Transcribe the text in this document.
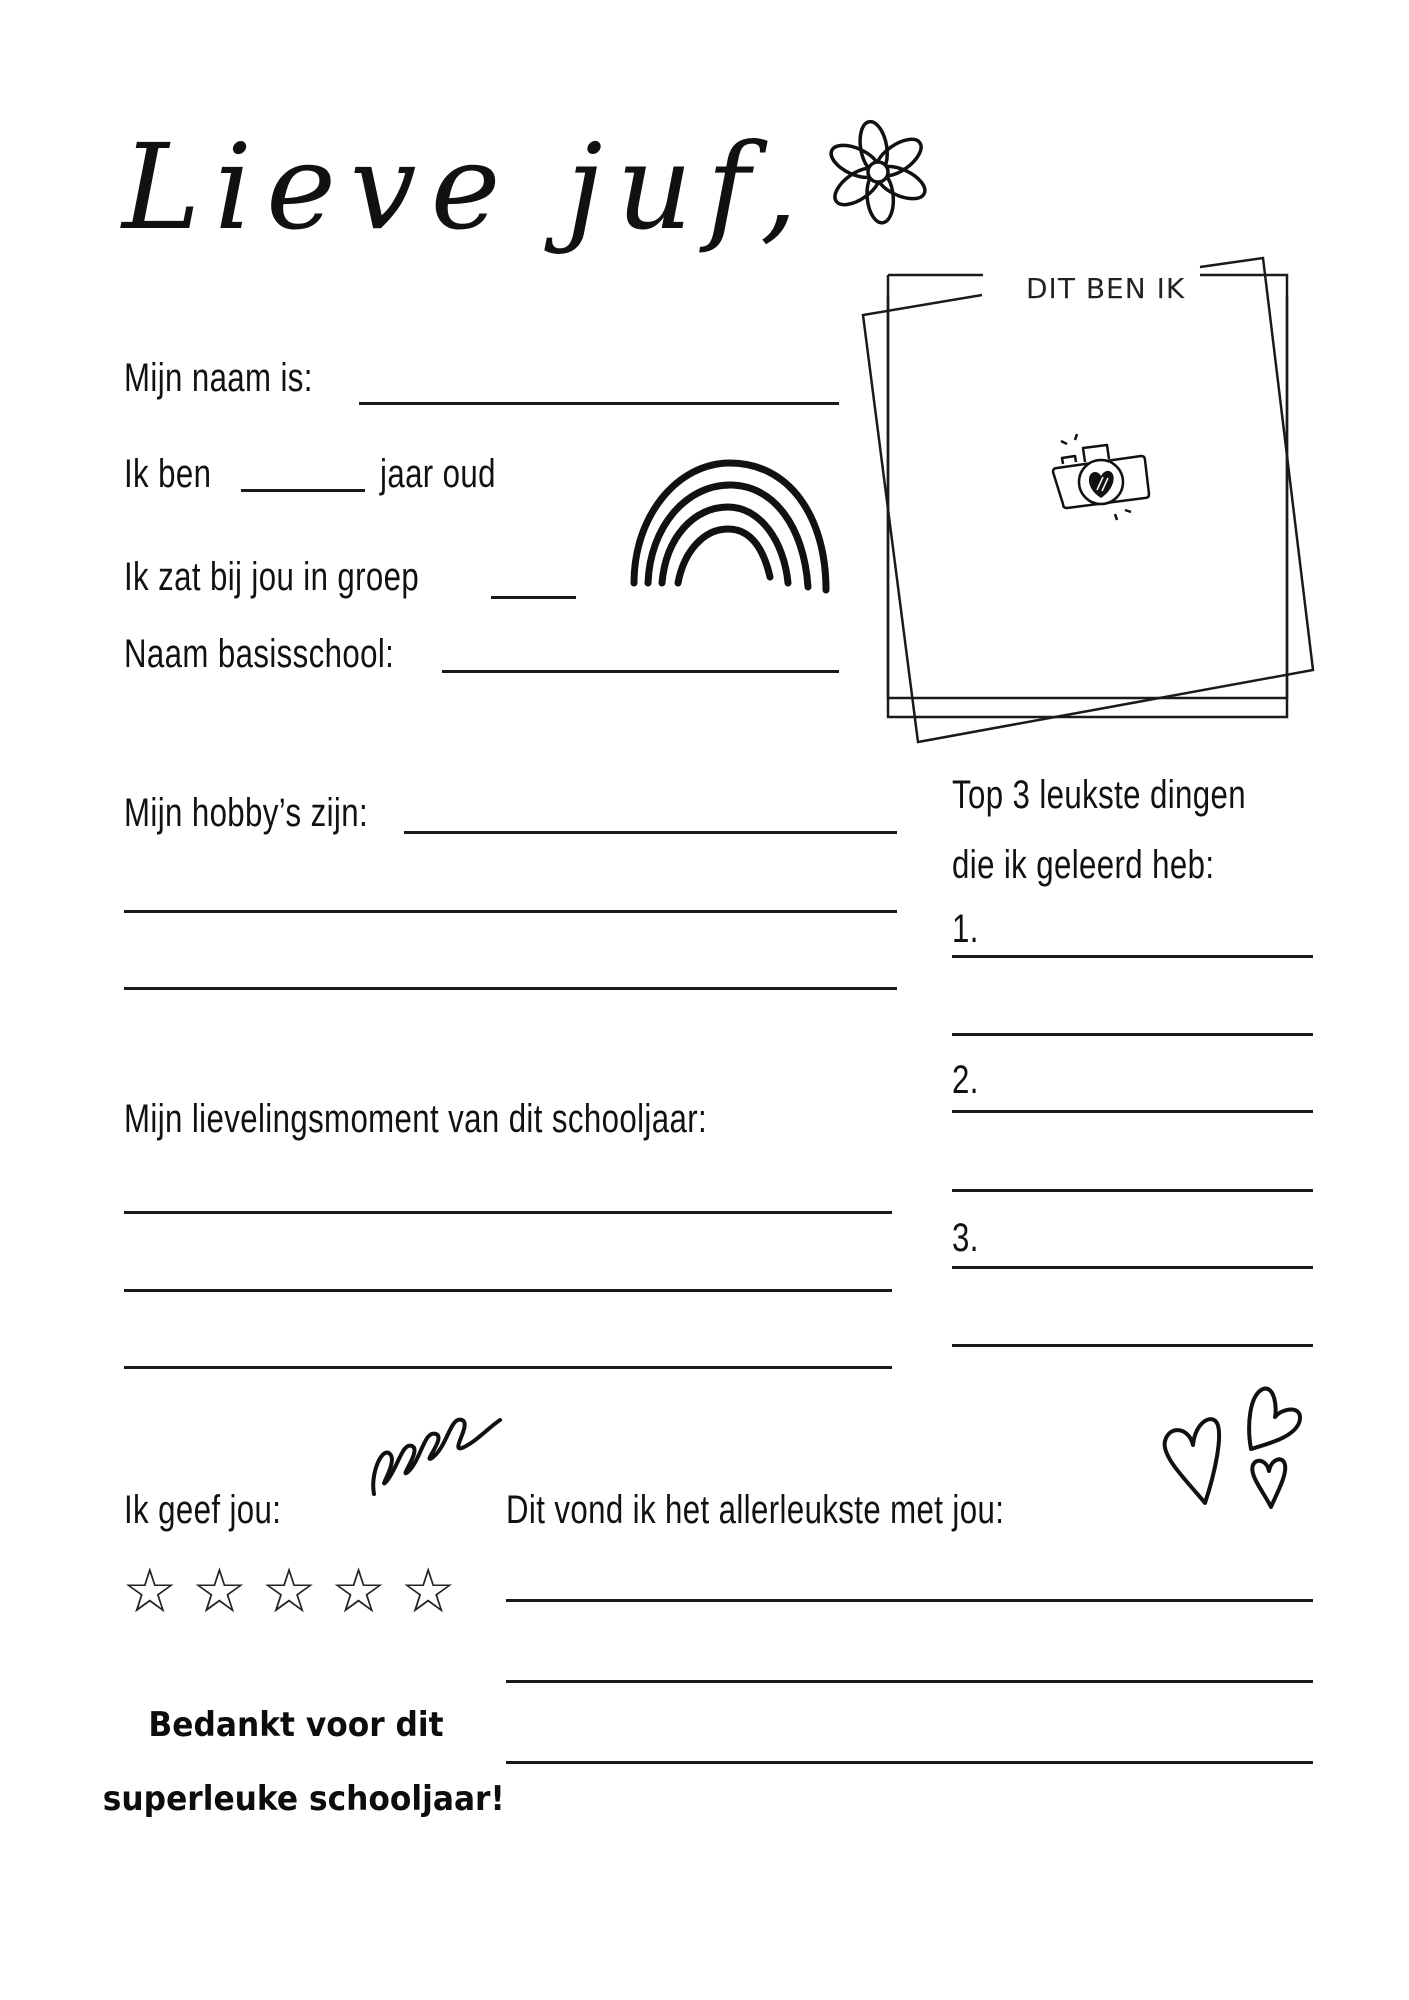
Lieve juf,
DIT BEN IK
Mijn naam is:
Ik ben	jaar oud
Ik zat bij jou in groep
Naam basisschool:
Mijn hobby’s zijn:
Mijn lievelingsmoment van dit schooljaar:
Top 3 leukste dingen
die ik geleerd heb:
1.
2.
3.
Ik geef jou:
☆ ☆ ☆ ☆ ☆
Dit vond ik het allerleukste met jou:
Bedankt voor dit
superleuke schooljaar!
